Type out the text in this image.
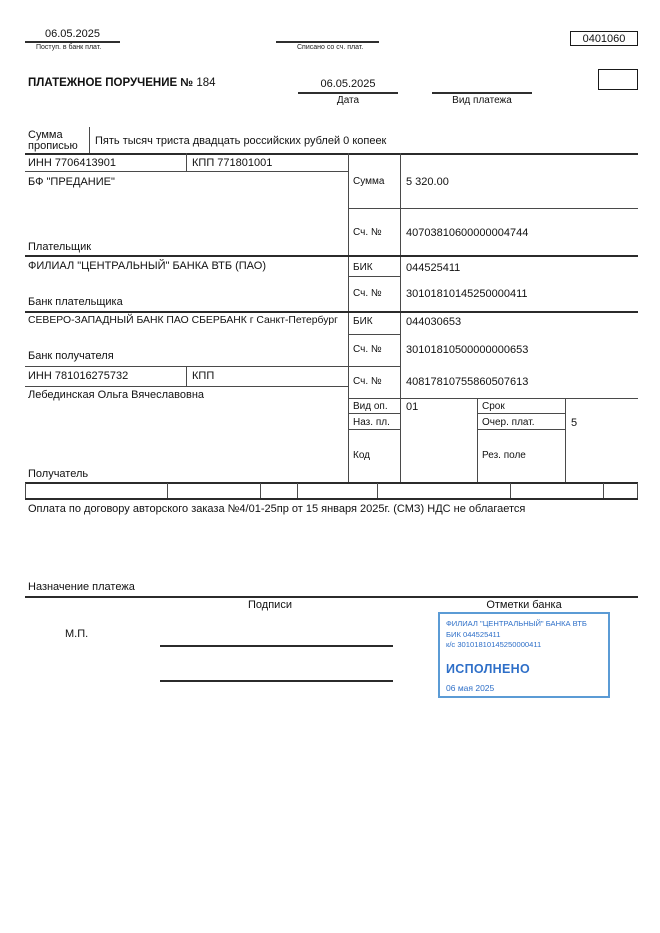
06.05.2025
Поступ. в банк плат.	Списано со сч. плат.
0401060
ПЛАТЕЖНОЕ ПОРУЧЕНИЕ № 184	06.05.2025
Дата	Вид платежа
Сумма прописью	Пять тысяч триста двадцать российских рублей 0 копеек
ИНН 7706413901	КПП 771801001
БФ "ПРЕДАНИЕ"
Плательщик
Сумма 5 320.00
Сч. № 40703810600000004744
ФИЛИАЛ "ЦЕНТРАЛЬНЫЙ" БАНКА ВТБ (ПАО)
Банк плательщика
БИК	044525411
Сч. № 30101810145250000411
СЕВЕРО-ЗАПАДНЫЙ БАНК ПАО СБЕРБАНК г Санкт-Петербург
Банк получателя
БИК	044030653
Сч. № 30101810500000000653
ИНН 781016275732	КПП
Лебединская Ольга Вячеславовна
Получатель
Сч. № 40817810755860507613
Вид оп. 01	Срок
Наз. пл.	Очер. плат.	5
Код	Рез. поле
Оплата по договору авторского заказа №4/01-25пр от 15 января 2025г. (СМЗ) НДС не облагается
Назначение платежа
Подписи	Отметки банка
М.П.
ФИЛИАЛ "ЦЕНТРАЛЬНЫЙ" БАНКА ВТБ
БИК 044525411
к/с 30101810145250000411
ИСПОЛНЕНО
06 мая 2025
